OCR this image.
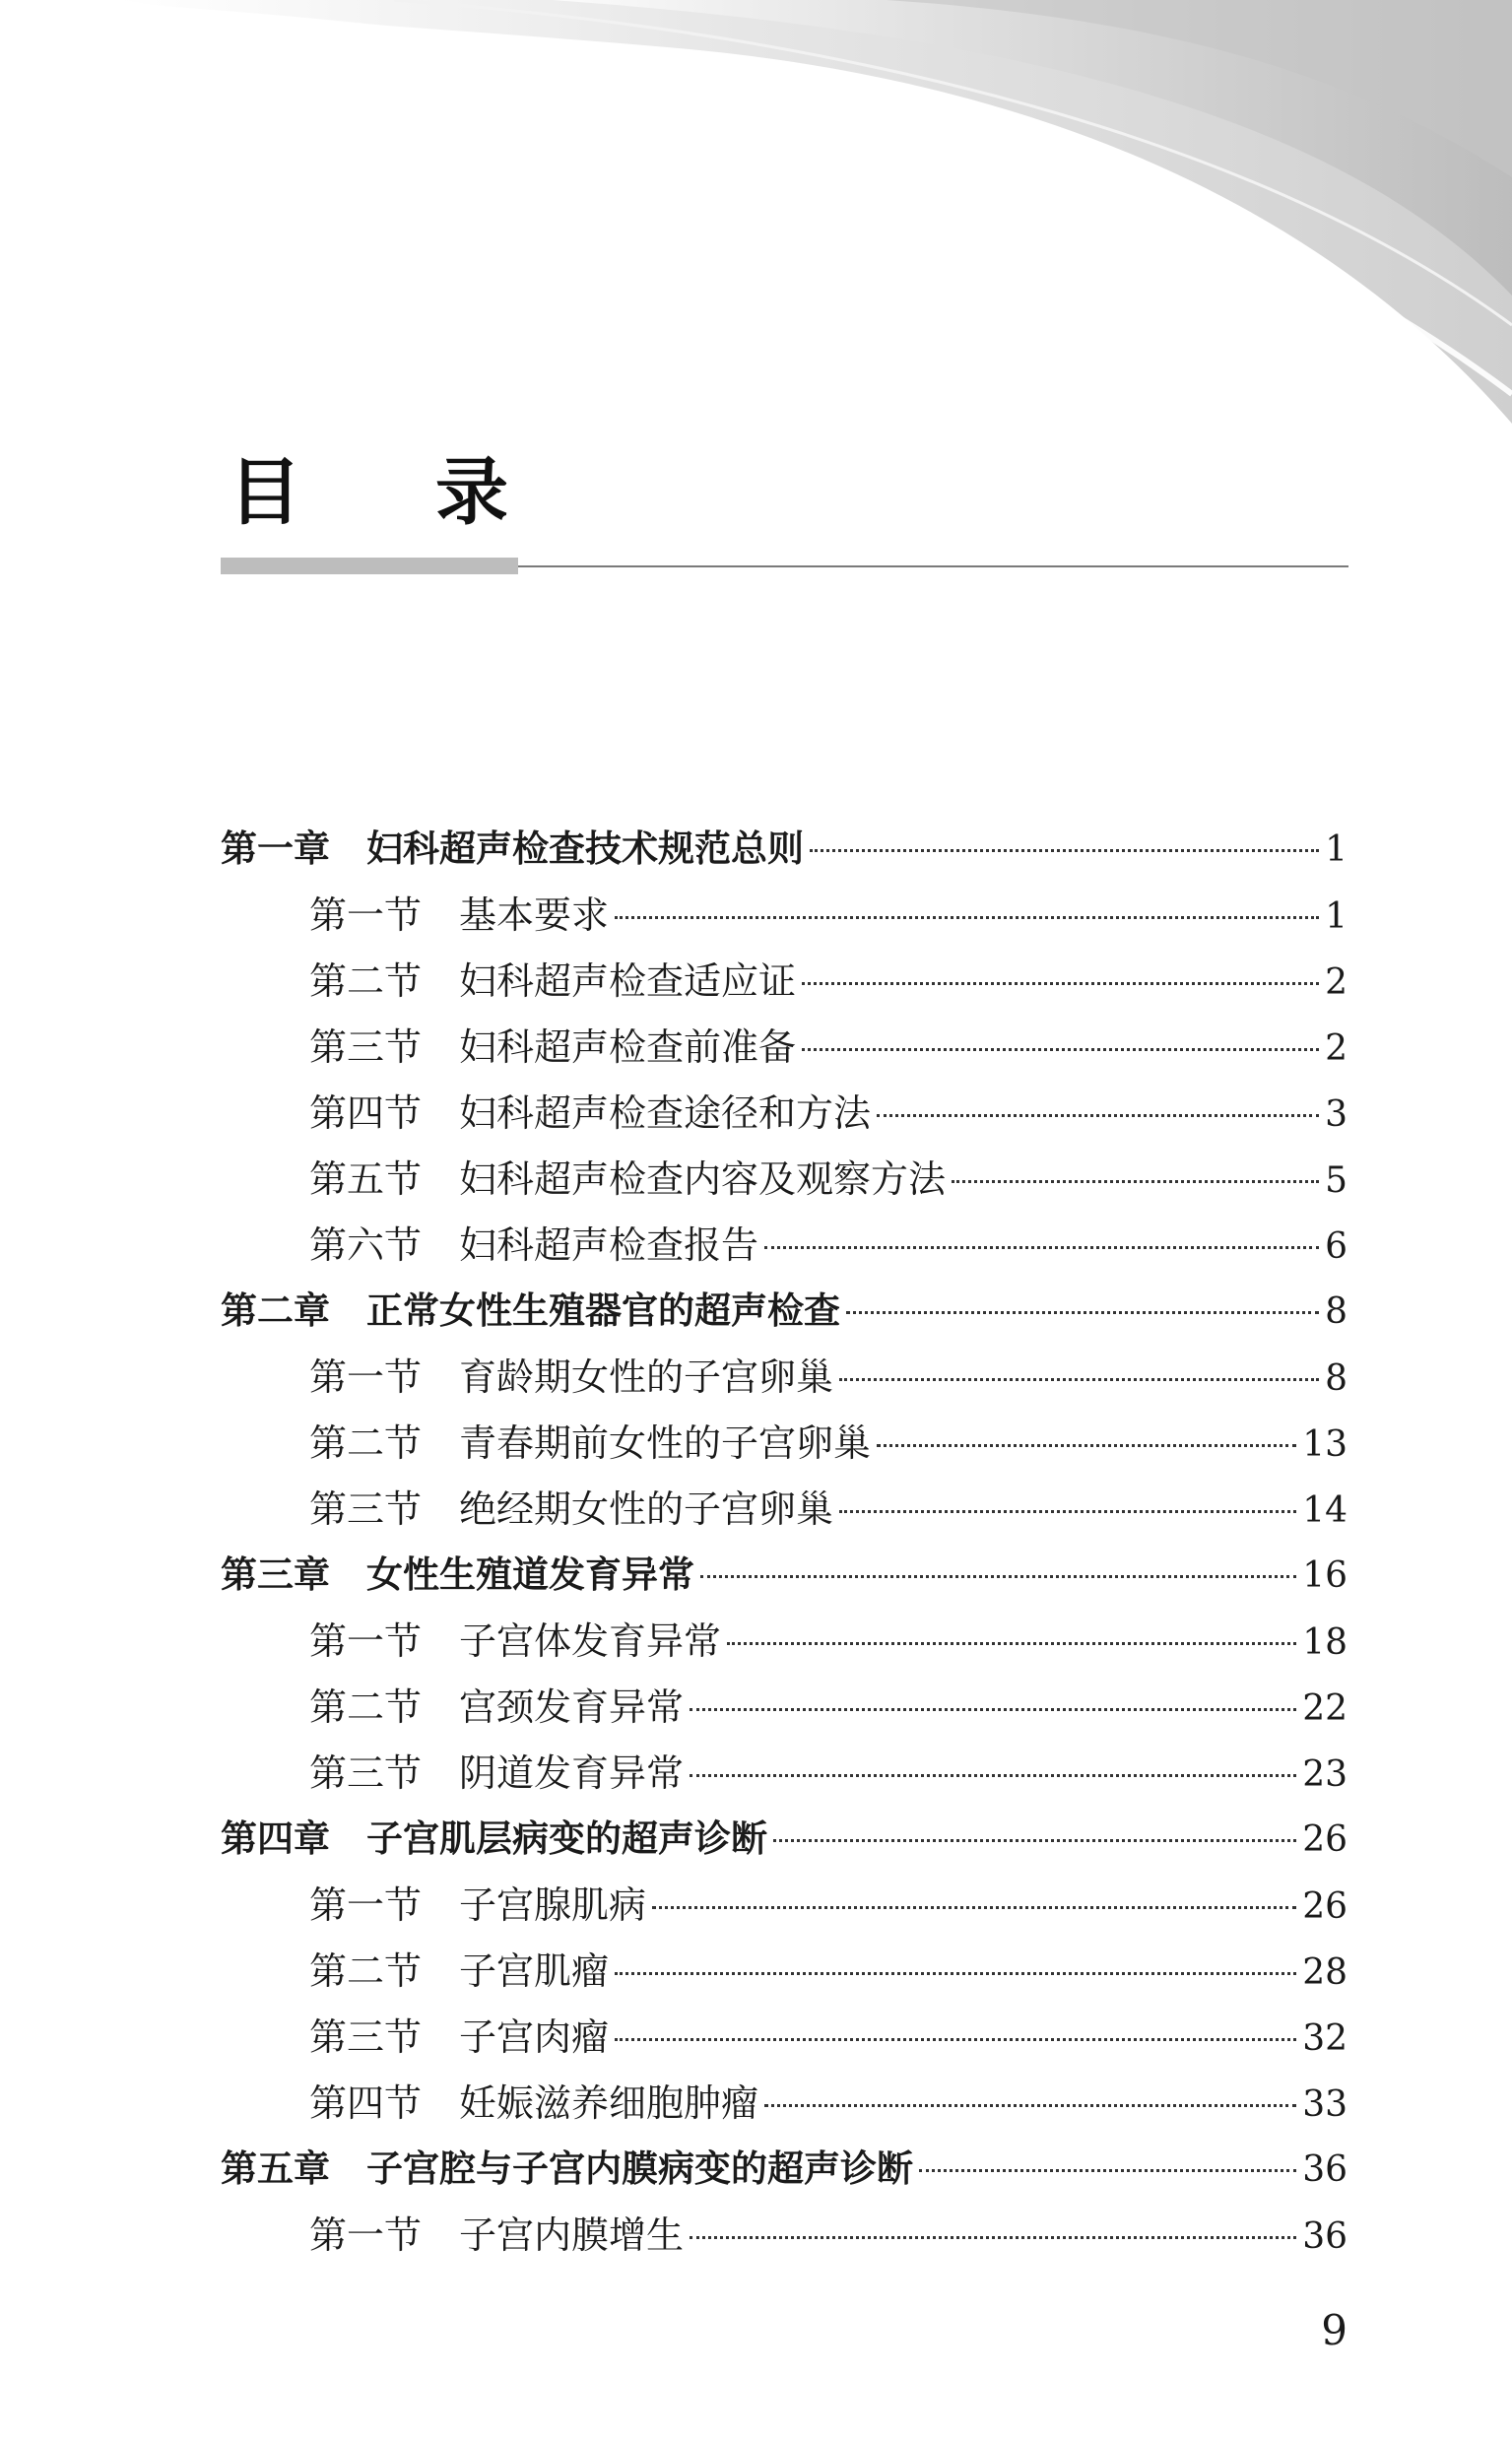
目 录
第一章　妇科超声检查技术规范总则	1
第一节　基本要求	1
第二节　妇科超声检查适应证	2
第三节　妇科超声检查前准备	2
第四节　妇科超声检查途径和方法	3
第五节　妇科超声检查内容及观察方法	5
第六节　妇科超声检查报告	6
第二章　正常女性生殖器官的超声检查	8
第一节　育龄期女性的子宫卵巢	8
第二节　青春期前女性的子宫卵巢	13
第三节　绝经期女性的子宫卵巢	14
第三章　女性生殖道发育异常	16
第一节　子宫体发育异常	18
第二节　宫颈发育异常	22
第三节　阴道发育异常	23
第四章　子宫肌层病变的超声诊断	26
第一节　子宫腺肌病	26
第二节　子宫肌瘤	28
第三节　子宫肉瘤	32
第四节　妊娠滋养细胞肿瘤	33
第五章　子宫腔与子宫内膜病变的超声诊断	36
第一节　子宫内膜增生	36
9
